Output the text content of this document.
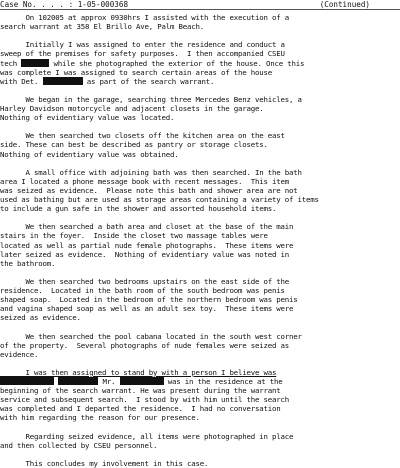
Case No. . . . : 1-05-000368	(Continued)
On 102005 at approx 0930hrs I assisted with the execution of a
search warrant at 358 El Brillo Ave, Palm Beach.
Initially I was assigned to enter the residence and conduct a
sweep of the premises for safety purposes.  I then accompanied CSEU
tech	while she photographed the exterior of the house. Once this
was complete I was assigned to search certain areas of the house
with Det.	as part of the search warrant.
We began in the garage, searching three Mercedes Benz vehicles, a
Harley Davidson motorcycle and adjacent closets in the garage.
Nothing of evidentiary value was located.
We then searched two closets off the kitchen area on the east
side. These can best be described as pantry or storage closets.
Nothing of evidentiary value was obtained.
A small office with adjoining bath was then searched. In the bath
area I located a phone message book with recent messages.  This item
was seized as evidence.  Please note this bath and shower area are not
used as bathing but are used as storage areas containing a variety of items
to include a gun safe in the shower and assorted household items.
We then searched a bath area and closet at the base of the main
stairs in the foyer.  Inside the closet two massage tables were
located as well as partial nude female photographs.  These items were
later seized as evidence.  Nothing of evidentiary value was noted in
the bathroom.
We then searched two bedrooms upstairs on the east side of the
residence.  Located in the bath room of the south bedroom was penis
shaped soap.  Located in the bedroom of the northern bedroom was penis
and vagina shaped soap as well as an adult sex toy.  These items were
seized as evidence.
We then searched the pool cabana located in the south west corner
of the property.  Several photographs of nude females were seized as
evidence.
I was then assigned to stand by with a person I believe was
Mr.	was in the residence at the
beginning of the search warrant. He was present during the warrant
service and subsequent search.  I stood by with him until the search
was completed and I departed the residence.  I had no conversation
with him regarding the reason for our presence.
Regarding seized evidence, all items were photographed in place
and then collected by CSEU personnel.
This concludes my involvement in this case.
